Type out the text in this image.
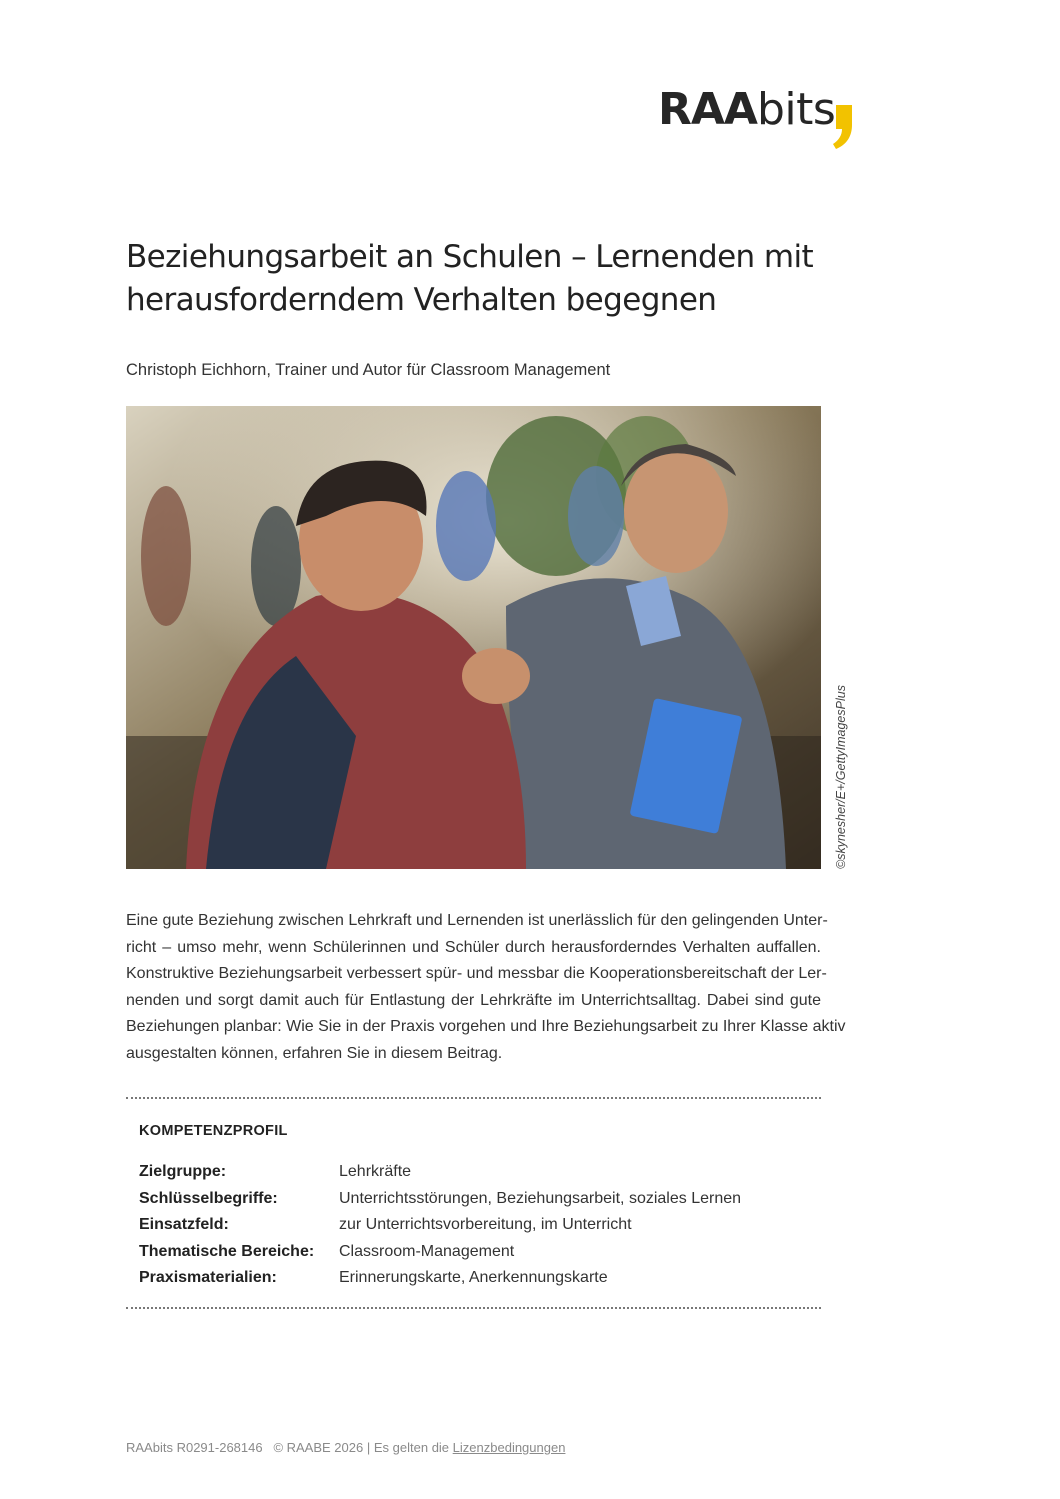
RAAbits
Beziehungsarbeit an Schulen – Lernenden mit
herausforderndem Verhalten begegnen
Christoph Eichhorn, Trainer und Autor für Classroom Management
©skynesher/E+/GettyImagesPlus

Eine gute Beziehung zwischen Lehrkraft und Lernenden ist unerlässlich für den gelingenden Unter-
richt – umso mehr, wenn Schülerinnen und Schüler durch herausforderndes Verhalten auffallen.
Konstruktive Beziehungsarbeit verbessert spür- und messbar die Kooperationsbereitschaft der Ler-
nenden und sorgt damit auch für Entlastung der Lehrkräfte im Unterrichtsalltag. Dabei sind gute
Beziehungen planbar: Wie Sie in der Praxis vorgehen und Ihre Beziehungsarbeit zu Ihrer Klasse aktiv
ausgestalten können, erfahren Sie in diesem Beitrag.

KOMPETENZPROFIL
Zielgruppe:	Lehrkräfte
Schlüsselbegriffe:	Unterrichtsstörungen, Beziehungsarbeit, soziales Lernen
Einsatzfeld:	zur Unterrichtsvorbereitung, im Unterricht
Thematische Bereiche:	Classroom-Management
Praxismaterialien:	Erinnerungskarte, Anerkennungskarte
RAAbits R0291-268146 © RAABE 2026 | Es gelten die Lizenzbedingungen
